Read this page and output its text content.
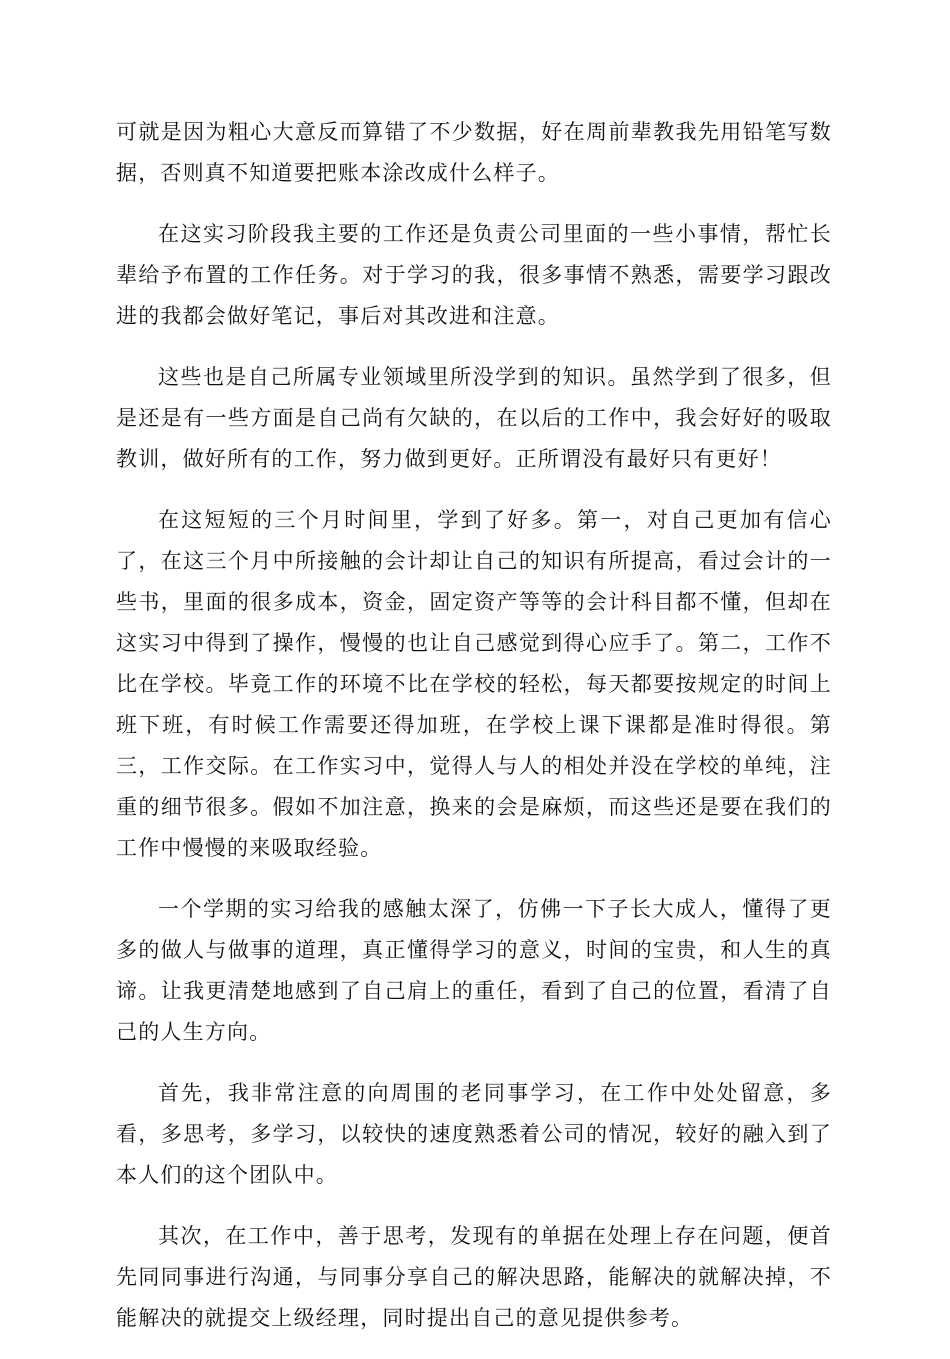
可就是因为粗心大意反而算错了不少数据，好在周前辈教我先用铅笔写数据，否则真不知道要把账本涂改成什么样子。

在这实习阶段我主要的工作还是负责公司里面的一些小事情，帮忙长辈给予布置的工作任务。对于学习的我，很多事情不熟悉，需要学习跟改进的我都会做好笔记，事后对其改进和注意。

这些也是自己所属专业领域里所没学到的知识。虽然学到了很多，但是还是有一些方面是自己尚有欠缺的，在以后的工作中，我会好好的吸取教训，做好所有的工作，努力做到更好。正所谓没有最好只有更好！

在这短短的三个月时间里，学到了好多。第一，对自己更加有信心了，在这三个月中所接触的会计却让自己的知识有所提高，看过会计的一些书，里面的很多成本，资金，固定资产等等的会计科目都不懂，但却在这实习中得到了操作，慢慢的也让自己感觉到得心应手了。第二，工作不比在学校。毕竟工作的环境不比在学校的轻松，每天都要按规定的时间上班下班，有时候工作需要还得加班，在学校上课下课都是准时得很。第三，工作交际。在工作实习中，觉得人与人的相处并没在学校的单纯，注重的细节很多。假如不加注意，换来的会是麻烦，而这些还是要在我们的工作中慢慢的来吸取经验。

一个学期的实习给我的感触太深了，仿佛一下子长大成人，懂得了更多的做人与做事的道理，真正懂得学习的意义，时间的宝贵，和人生的真谛。让我更清楚地感到了自己肩上的重任，看到了自己的位置，看清了自己的人生方向。

首先，我非常注意的向周围的老同事学习，在工作中处处留意，多看，多思考，多学习，以较快的速度熟悉着公司的情况，较好的融入到了本人们的这个团队中。

其次，在工作中，善于思考，发现有的单据在处理上存在问题，便首先同同事进行沟通，与同事分享自己的解决思路，能解决的就解决掉，不能解决的就提交上级经理，同时提出自己的意见提供参考。
